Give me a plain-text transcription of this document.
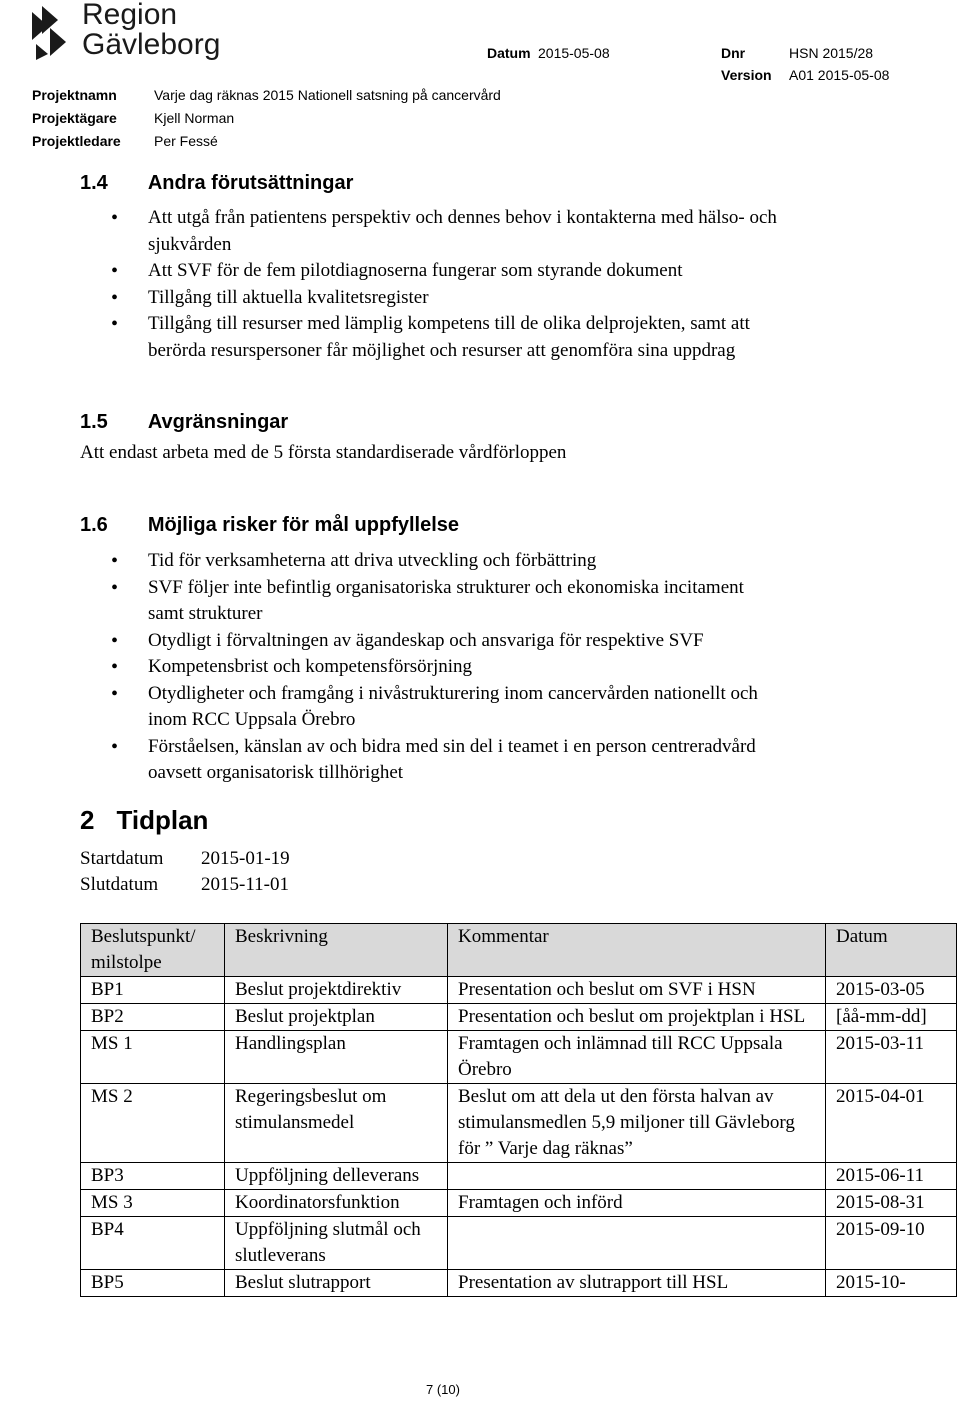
Region
Gävleborg	Datum 2015-05-08	Dnr	HSN 2015/28
Version A01 2015-05-08
Projektnamn	Varje dag räknas 2015 Nationell satsning på cancervård
Projektägare	Kjell Norman
Projektledare Per Fessé
1.4 Andra förutsättningar
• Att utgå från patientens perspektiv och dennes behov i kontakterna med hälso- och sjukvården
• Att SVF för de fem pilotdiagnoserna fungerar som styrande dokument
• Tillgång till aktuella kvalitetsregister
• Tillgång till resurser med lämplig kompetens till de olika delprojekten, samt att berörda resurspersoner får möjlighet och resurser att genomföra sina uppdrag
1.5 Avgränsningar
Att endast arbeta med de 5 första standardiserade vårdförloppen
1.6 Möjliga risker för mål uppfyllelse
• Tid för verksamheterna att driva utveckling och förbättring
• SVF följer inte befintlig organisatoriska strukturer och ekonomiska incitament samt strukturer
• Otydligt i förvaltningen av ägandeskap och ansvariga för respektive SVF
• Kompetensbrist och kompetensförsörjning
• Otydligheter och framgång i nivåstrukturering inom cancervården nationellt och inom RCC Uppsala Örebro
• Förståelsen, känslan av och bidra med sin del i teamet i en person centreradvård oavsett organisatorisk tillhörighet
2 Tidplan
Startdatum 2015-01-19
Slutdatum 2015-11-01
Beslutspunkt/ milstolpe	Beskrivning	Kommentar	Datum
BP1	Beslut projektdirektiv	Presentation och beslut om SVF i HSN	2015-03-05
BP2	Beslut projektplan	Presentation och beslut om projektplan i HSL	[åå-mm-dd]
MS 1	Handlingsplan	Framtagen och inlämnad till RCC Uppsala Örebro	2015-03-11
MS 2	Regeringsbeslut om stimulansmedel	Beslut om att dela ut den första halvan av stimulansmedlen 5,9 miljoner till Gävleborg för ” Varje dag räknas”	2015-04-01
BP3	Uppföljning delleverans		2015-06-11
MS 3	Koordinatorsfunktion	Framtagen och införd	2015-08-31
BP4	Uppföljning slutmål och slutleverans		2015-09-10
BP5	Beslut slutrapport	Presentation av slutrapport till HSL	2015-10-
7 (10)
